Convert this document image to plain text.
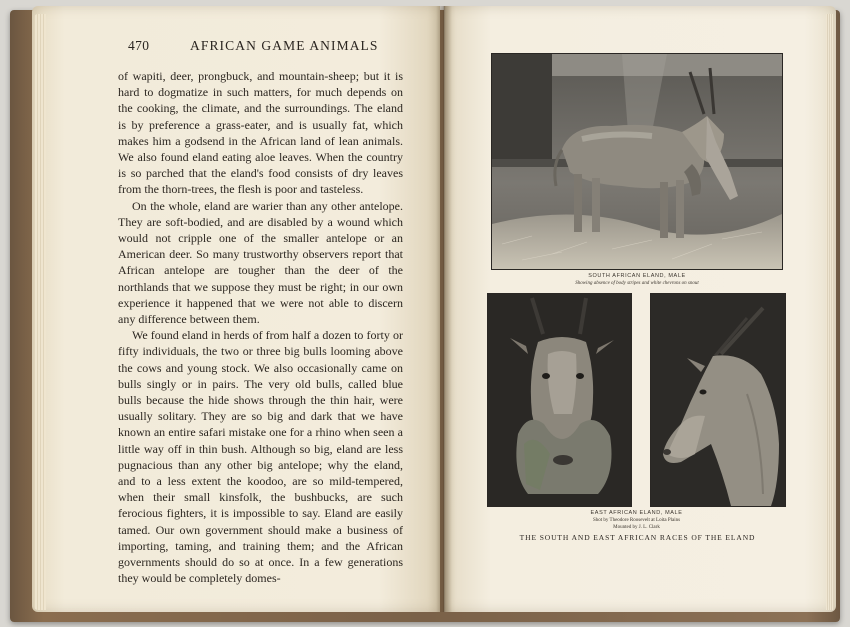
470	AFRICAN GAME ANIMALS

of wapiti, deer, prongbuck, and mountain-sheep; but it is hard to dogmatize in such matters, for much depends on the cooking, the climate, and the surroundings. The eland is by preference a grass-eater, and is usually fat, which makes him a godsend in the African land of lean animals. We also found eland eating aloe leaves. When the country is so parched that the eland's food consists of dry leaves from the thorn-trees, the flesh is poor and tasteless.

On the whole, eland are warier than any other antelope. They are soft-bodied, and are disabled by a wound which would not cripple one of the smaller antelope or an American deer. So many trustworthy observers report that African antelope are tougher than the deer of the northlands that we suppose they must be right; in our own experience it happened that we were not able to discern any difference between them.

We found eland in herds of from half a dozen to forty or fifty individuals, the two or three big bulls looming above the cows and young stock. We also occasionally came on bulls singly or in pairs. The very old bulls, called blue bulls because the hide shows through the thin hair, were usually solitary. They are so big and dark that we have known an entire safari mistake one for a rhino when seen a little way off in thin bush. Although so big, eland are less pugnacious than any other big antelope; why the eland, and to a less extent the koodoo, are so mild-tempered, when their small kinsfolk, the bushbucks, are such ferocious fighters, it is impossible to say. Eland are easily tamed. Our own government should make a business of importing, taming, and training them; and the African governments should do so at once. In a few generations they would be completely domes-

SOUTH AFRICAN ELAND, MALE
Showing absence of body stripes and white chevrons on snout
EAST AFRICAN ELAND, MALE
Shot by Theodore Roosevelt at Loita Plains
Mounted by J. L. Clark
THE SOUTH AND EAST AFRICAN RACES OF THE ELAND
